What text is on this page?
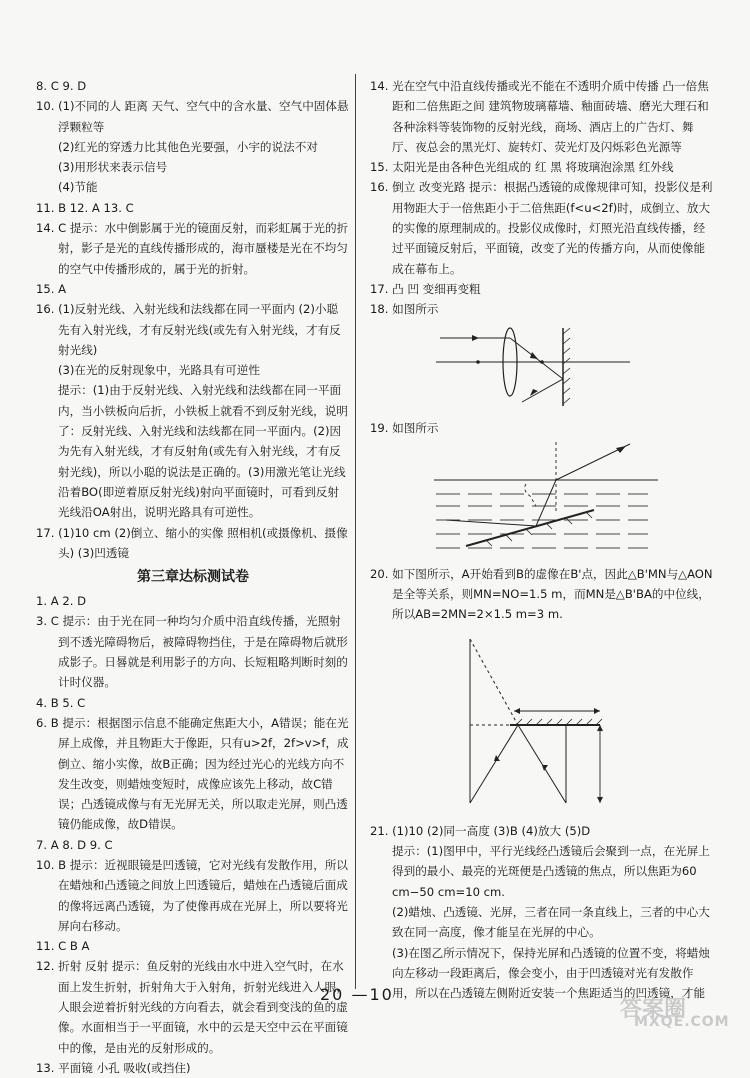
8. C 9. D

10. (1)不同的人 距离 天气、空气中的含水量、空气中固体悬浮颗粒等

(2)红光的穿透力比其他色光要强，小宇的说法不对

(3)用形状来表示信号

(4)节能

11. B 12. A 13. C

14. C 提示：水中倒影属于光的镜面反射，而彩虹属于光的折射，影子是光的直线传播形成的，海市蜃楼是光在不均匀的空气中传播形成的，属于光的折射。

15. A

16. (1)反射光线、入射光线和法线都在同一平面内 (2)小聪 先有入射光线，才有反射光线(或先有入射光线，才有反射光线)

(3)在光的反射现象中，光路具有可逆性

提示：(1)由于反射光线、入射光线和法线都在同一平面内，当小铁板向后折，小铁板上就看不到反射光线，说明了：反射光线、入射光线和法线都在同一平面内。(2)因为先有入射光线，才有反射角(或先有入射光线，才有反射光线)，所以小聪的说法是正确的。(3)用激光笔让光线沿着BO(即逆着原反射光线)射向平面镜时，可看到反射光线沿OA射出，说明光路具有可逆性。

17. (1)10 cm (2)倒立、缩小的实像 照相机(或摄像机、摄像头) (3)凹透镜

第三章达标测试卷

1. A 2. D

3. C 提示：由于光在同一种均匀介质中沿直线传播，光照射到不透光障碍物后，被障碍物挡住，于是在障碍物后就形成影子。日晷就是利用影子的方向、长短粗略判断时刻的计时仪器。

4. B 5. C

6. B 提示：根据图示信息不能确定焦距大小，A错误；能在光屏上成像，并且物距大于像距，只有u>2f，2f>v>f，成倒立、缩小实像，故B正确；因为经过光心的光线方向不发生改变，则蜡烛变短时，成像应该先上移动，故C错误；凸透镜成像与有无光屏无关，所以取走光屏，则凸透镜仍能成像，故D错误。

7. A 8. D 9. C

10. B 提示：近视眼镜是凹透镜，它对光线有发散作用，所以在蜡烛和凸透镜之间放上凹透镜后，蜡烛在凸透镜后面成的像将远离凸透镜，为了使像再成在光屏上，所以要将光屏向右移动。

11. C B A

12. 折射 反射 提示：鱼反射的光线由水中进入空气时，在水面上发生折射，折射角大于入射角，折射光线进入人眼，人眼会逆着折射光线的方向看去，就会看到变浅的鱼的虚像。水面相当于一平面镜，水中的云是天空中云在平面镜中的像，是由光的反射形成的。

13. 平面镜 小孔 吸收(或挡住)

14. 光在空气中沿直线传播或光不能在不透明介质中传播 凸一倍焦距和二倍焦距之间 建筑物玻璃幕墙、釉面砖墙、磨光大理石和各种涂料等装饰物的反射光线，商场、酒店上的广告灯、舞厅、夜总会的黑光灯、旋转灯、荧光灯及闪烁彩色光源等

15. 太阳光是由各种色光组成的 红 黑 将玻璃泡涂黑 红外线

16. 倒立 改变光路 提示：根据凸透镜的成像规律可知，投影仪是利用物距大于一倍焦距小于二倍焦距(f<u<2f)时，成倒立、放大的实像的原理制成的。投影仪成像时，灯照光沿直线传播，经过平面镜反射后，平面镜，改变了光的传播方向，从而使像能成在幕布上。

17. 凸 凹 变细再变粗

18. 如图所示

19. 如图所示

20. 如下图所示，A开始看到B的虚像在B'点，因此△B'MN与△AON是全等关系，则MN=NO=1.5 m，而MN是△B'BA的中位线，所以AB=2MN=2×1.5 m=3 m.

21. (1)10 (2)同一高度 (3)B (4)放大 (5)D

提示：(1)图甲中，平行光线经凸透镜后会聚到一点，在光屏上得到的最小、最亮的光斑便是凸透镜的焦点，所以焦距为60 cm−50 cm=10 cm.

(2)蜡烛、凸透镜、光屏，三者在同一条直线上，三者的中心大致在同一高度，像才能呈在光屏的中心。

(3)在图乙所示情况下，保持光屏和凸透镜的位置不变，将蜡烛向左移动一段距离后，像会变小，由于凹透镜对光有发散作用，所以在凸透镜左侧附近安装一个焦距适当的凹透镜，才能

20 —10
答案圈
MXQE.COM
